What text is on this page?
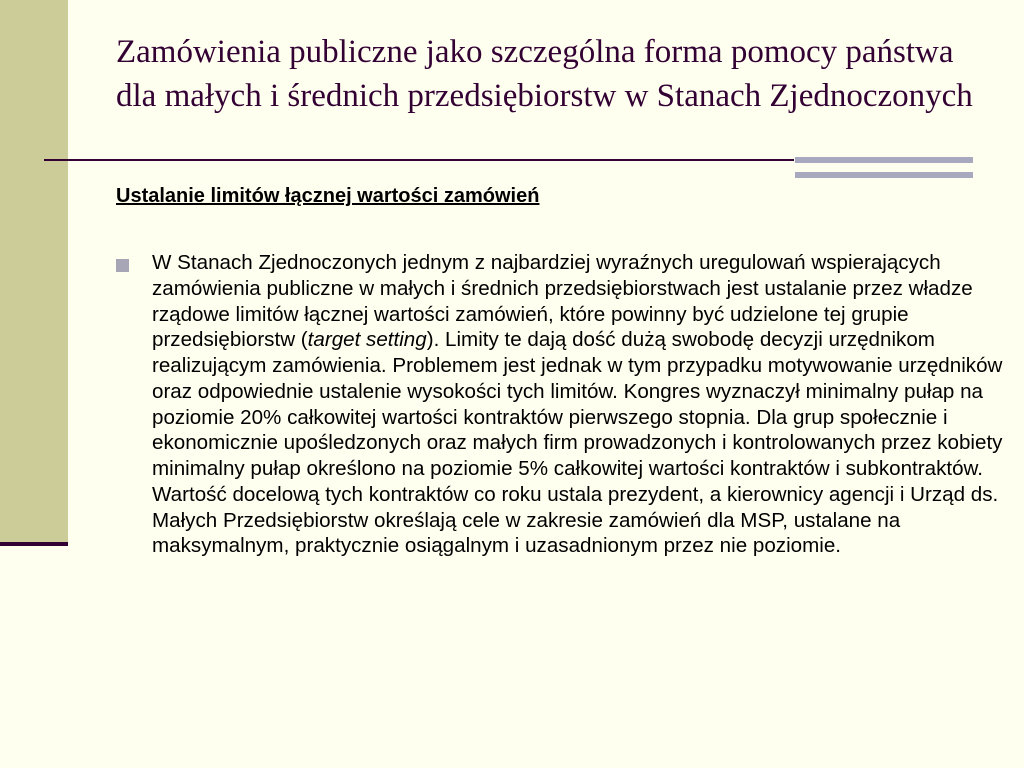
Zamówienia publiczne jako szczególna forma pomocy państwa dla małych i średnich przedsiębiorstw w Stanach Zjednoczonych
Ustalanie limitów łącznej wartości zamówień

W Stanach Zjednoczonych jednym z najbardziej wyraźnych uregulowań wspierających zamówienia publiczne w małych i średnich przedsiębiorstwach jest ustalanie przez władze rządowe limitów łącznej wartości zamówień, które powinny być udzielone tej grupie przedsiębiorstw (target setting). Limity te dają dość dużą swobodę decyzji urzędnikom realizującym zamówienia. Problemem jest jednak w tym przypadku motywowanie urzędników oraz odpowiednie ustalenie wysokości tych limitów. Kongres wyznaczył minimalny pułap na poziomie 20% całkowitej wartości kontraktów pierwszego stopnia. Dla grup społecznie i ekonomicznie upośledzonych oraz małych firm prowadzonych i kontrolowanych przez kobiety minimalny pułap określono na poziomie 5% całkowitej wartości kontraktów i subkontraktów. Wartość docelową tych kontraktów co roku ustala prezydent, a kierownicy agencji i Urząd ds. Małych Przedsiębiorstw określają cele w zakresie zamówień dla MSP, ustalane na maksymalnym, praktycznie osiągalnym i uzasadnionym przez nie poziomie.
